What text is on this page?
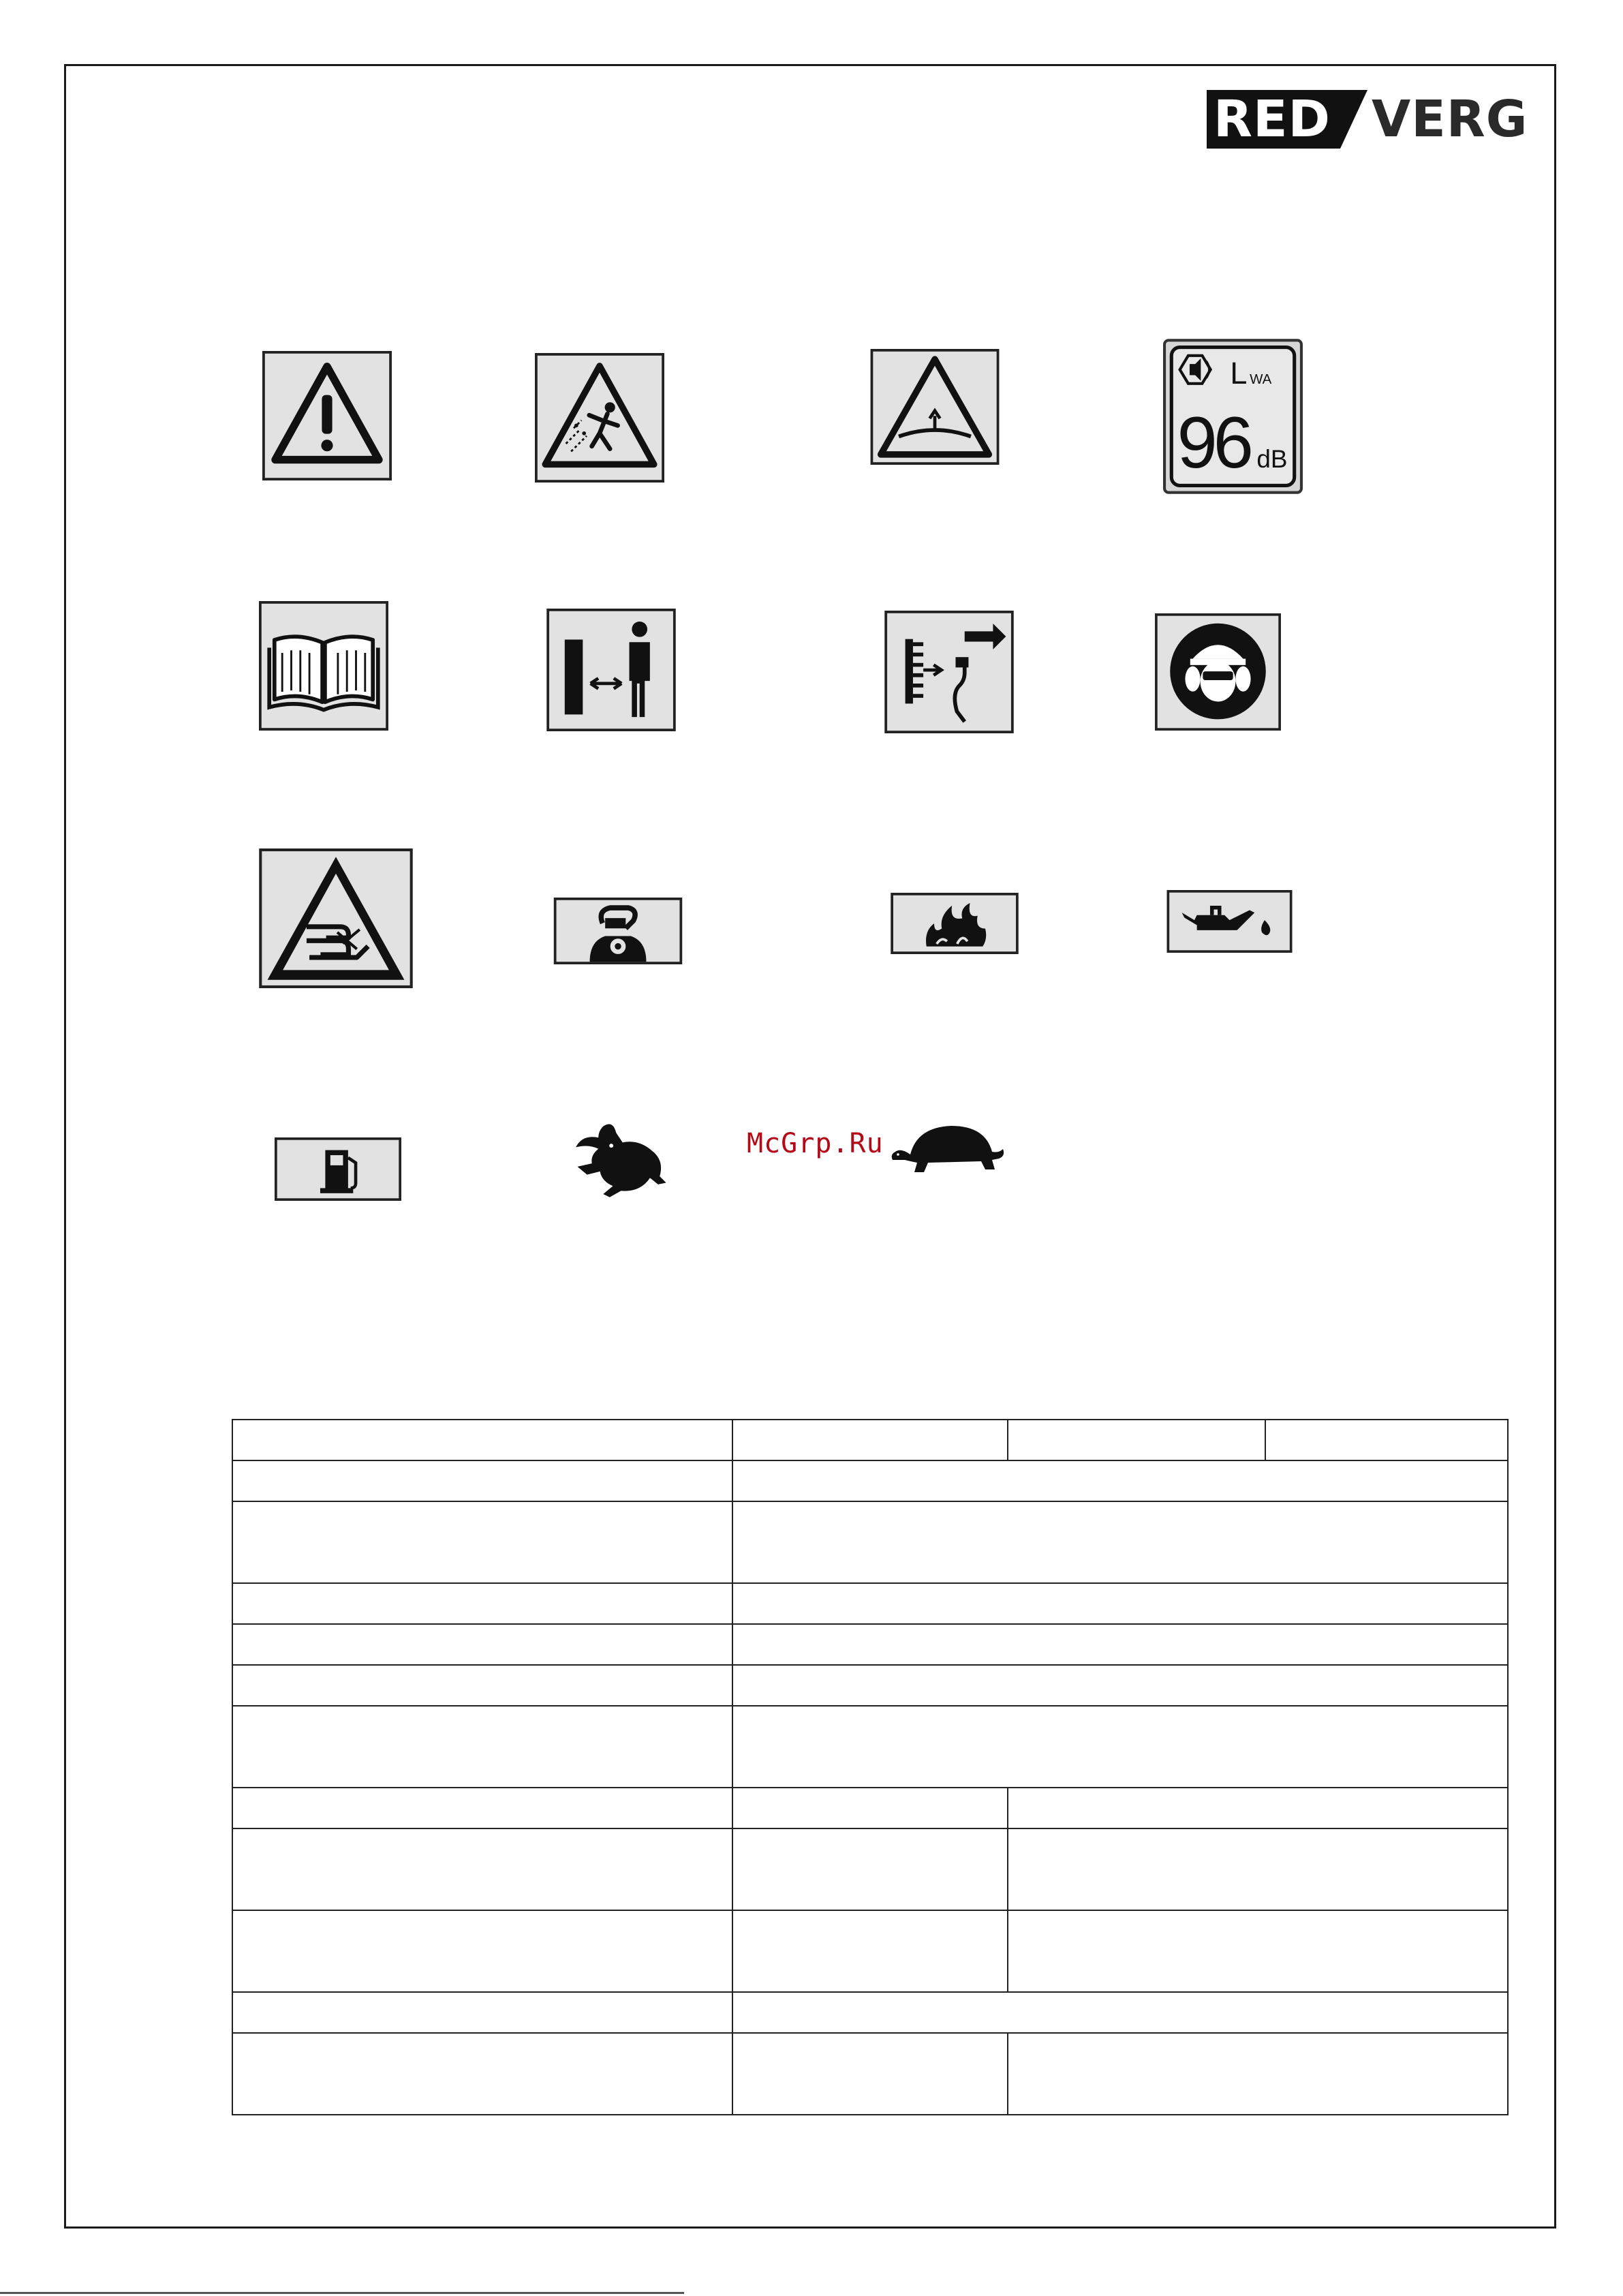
RED VERG
L WA
96 dB
McGrp.Ru
